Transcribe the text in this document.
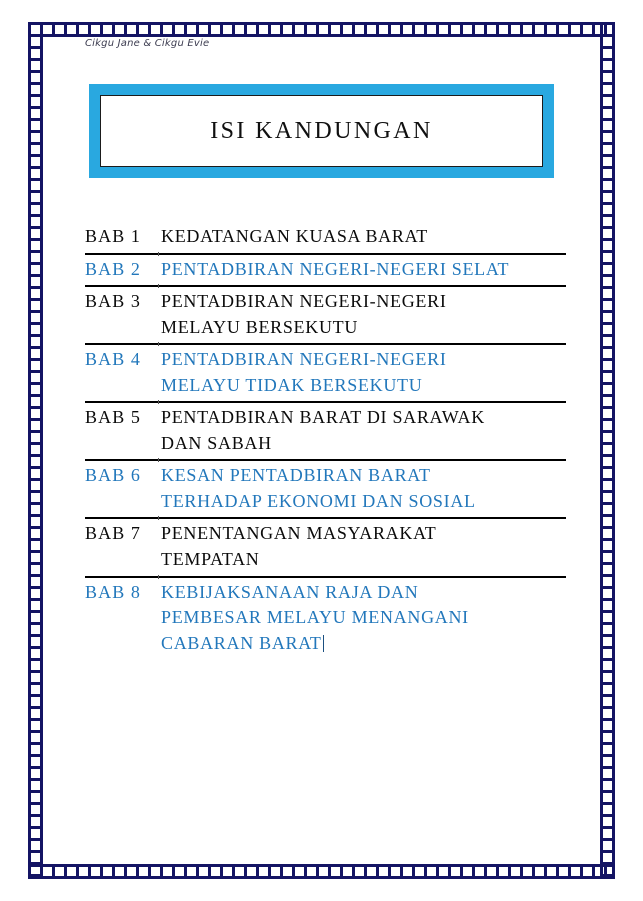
Cikgu Jane & Cikgu Evie
ISI KANDUNGAN
BAB 1	KEDATANGAN KUASA BARAT
BAB 2	PENTADBIRAN NEGERI-NEGERI SELAT
BAB 3	PENTADBIRAN NEGERI-NEGERI
MELAYU BERSEKUTU
BAB 4	PENTADBIRAN NEGERI-NEGERI
MELAYU TIDAK BERSEKUTU
BAB 5	PENTADBIRAN BARAT DI SARAWAK
DAN SABAH
BAB 6	KESAN PENTADBIRAN BARAT
TERHADAP EKONOMI DAN SOSIAL
BAB 7	PENENTANGAN MASYARAKAT
TEMPATAN
BAB 8	KEBIJAKSANAAN RAJA DAN
PEMBESAR MELAYU MENANGANI
CABARAN BARAT
